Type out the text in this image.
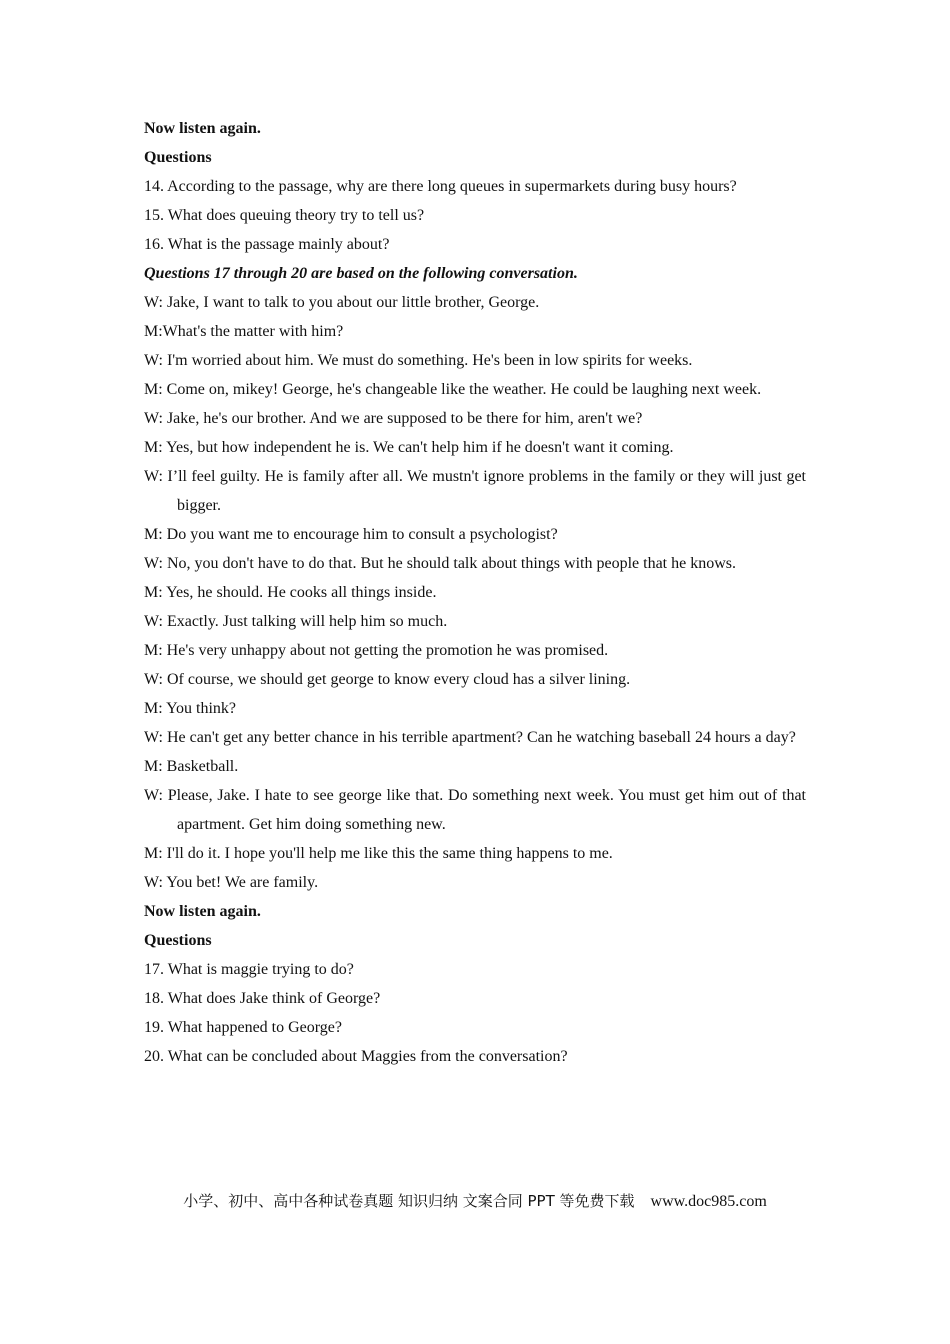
Now listen again.

Questions

14. According to the passage, why are there long queues in supermarkets during busy hours?

15. What does queuing theory try to tell us?

16. What is the passage mainly about?

Questions 17 through 20 are based on the following conversation.

W: Jake, I want to talk to you about our little brother, George.

M:What's the matter with him?

W: I'm worried about him. We must do something. He's been in low spirits for weeks.

M: Come on, mikey! George, he's changeable like the weather. He could be laughing next week.

W: Jake, he's our brother. And we are supposed to be there for him, aren't we?

M: Yes, but how independent he is. We can't help him if he doesn't want it coming.

W: I’ll feel guilty. He is family after all. We mustn't ignore problems in the family or they will just get bigger.

M: Do you want me to encourage him to consult a psychologist?

W: No, you don't have to do that. But he should talk about things with people that he knows.

M: Yes, he should. He cooks all things inside.

W: Exactly. Just talking will help him so much.

M: He's very unhappy about not getting the promotion he was promised.

W: Of course, we should get george to know every cloud has a silver lining.

M: You think?

W: He can't get any better chance in his terrible apartment? Can he watching baseball 24 hours a day?

M: Basketball.

W: Please, Jake. I hate to see george like that. Do something next week. You must get him out of that apartment. Get him doing something new.

M: I'll do it. I hope you'll help me like this the same thing happens to me.

W: You bet! We are family.

Now listen again.

Questions

17. What is maggie trying to do?

18. What does Jake think of George?

19. What happened to George?

20. What can be concluded about Maggies from the conversation?

小学、初中、高中各种试卷真题 知识归纳 文案合同 PPT 等免费下载 www.doc985.com
